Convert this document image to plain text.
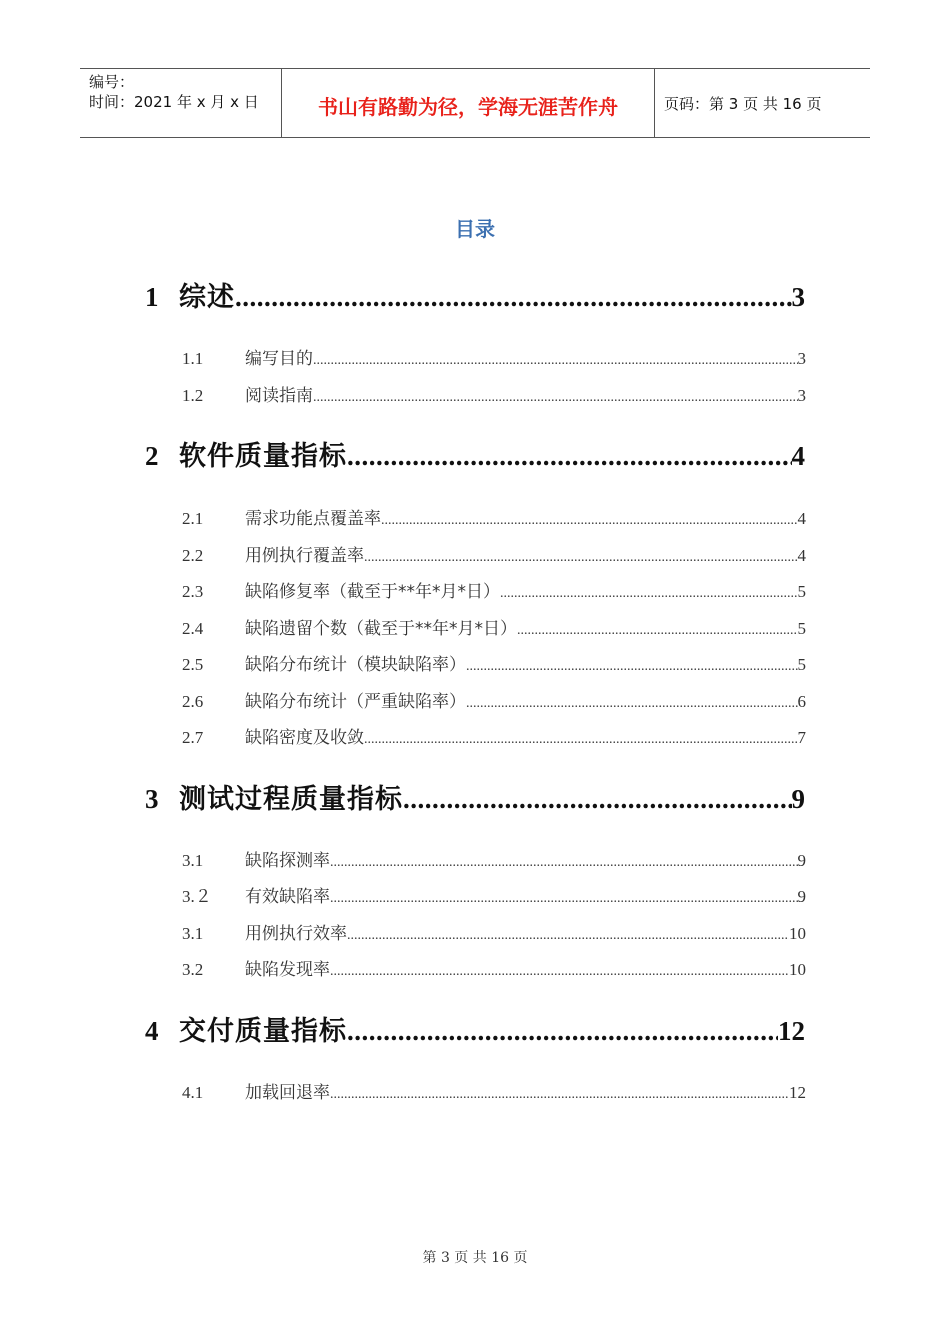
编号：
时间：2021 年 x 月 x 日	书山有路勤为径，学海无涯苦作舟	页码：第 3 页 共 16 页
目录
1 综述 .....	3
1.1	编写目的 .....	3
1.2	阅读指南 .....	3
2 软件质量指标 .....	4
2.1	需求功能点覆盖率 .....	4
2.2	用例执行覆盖率 .....	4
2.3	缺陷修复率（截至于**年*月*日） .....	5
2.4	缺陷遗留个数（截至于**年*月*日） .....	5
2.5	缺陷分布统计（模块缺陷率） .....	5
2.6	缺陷分布统计（严重缺陷率） .....	6
2.7	缺陷密度及收敛 .....	7
3 测试过程质量指标 .....	9
3.1	缺陷探测率 .....	9
3.２	有效缺陷率 .....	9
3.1	用例执行效率 .....	10
3.2	缺陷发现率 .....	10
4 交付质量指标 .....	12
4.1	加载回退率 .....	12
第 3 页 共 16 页
